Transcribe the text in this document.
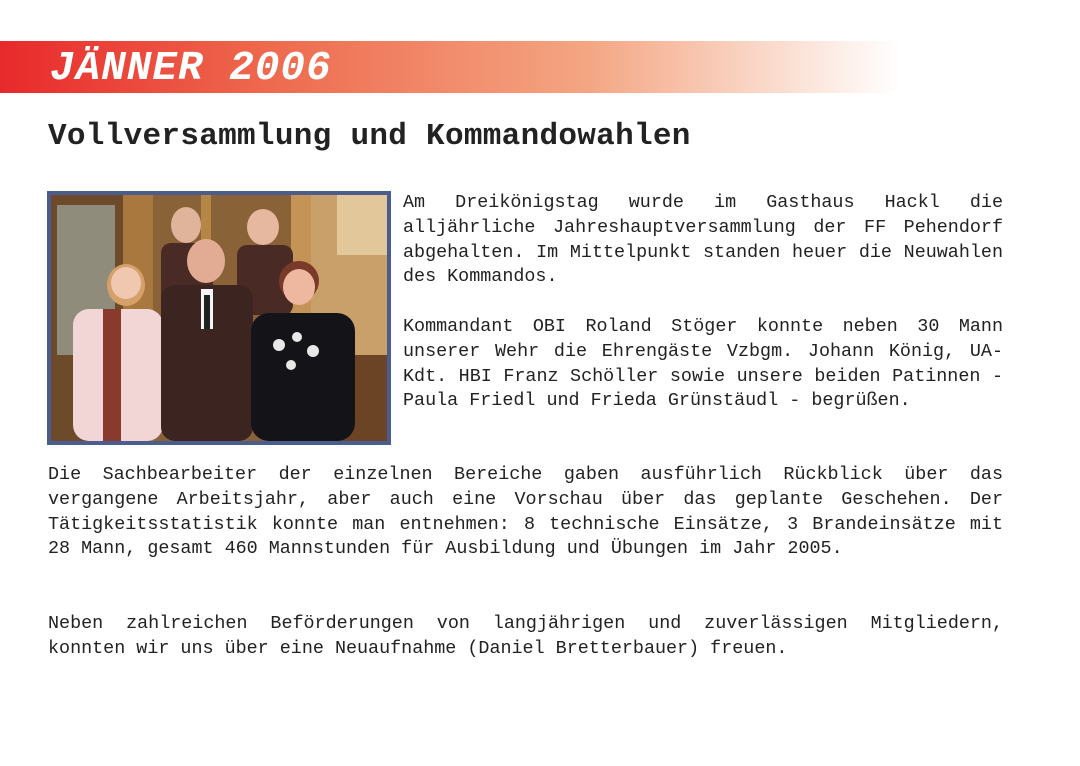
JÄNNER 2006
Vollversammlung und Kommandowahlen

Am Dreikönigstag wurde im Gasthaus Hackl die alljährliche Jahreshauptversammlung der FF Pehendorf abgehalten. Im Mittelpunkt standen heuer die Neuwahlen des Kommandos.

Kommandant OBI Roland Stöger konnte neben 30 Mann unserer Wehr die Ehrengäste Vzbgm. Johann König, UA-Kdt. HBI Franz Schöller sowie unsere beiden Patinnen - Paula Friedl und Frieda Grünstäudl - begrüßen.

Die Sachbearbeiter der einzelnen Bereiche gaben ausführlich Rückblick über das vergangene Arbeitsjahr, aber auch eine Vorschau über das geplante Geschehen. Der Tätigkeitsstatistik konnte man entnehmen: 8 technische Einsätze, 3 Brandeinsätze mit 28 Mann, gesamt 460 Mannstunden für Ausbildung und Übungen im Jahr 2005.

Neben zahlreichen Beförderungen von langjährigen und zuverlässigen Mitgliedern, konnten wir uns über eine Neuaufnahme (Daniel Bretterbauer) freuen.
